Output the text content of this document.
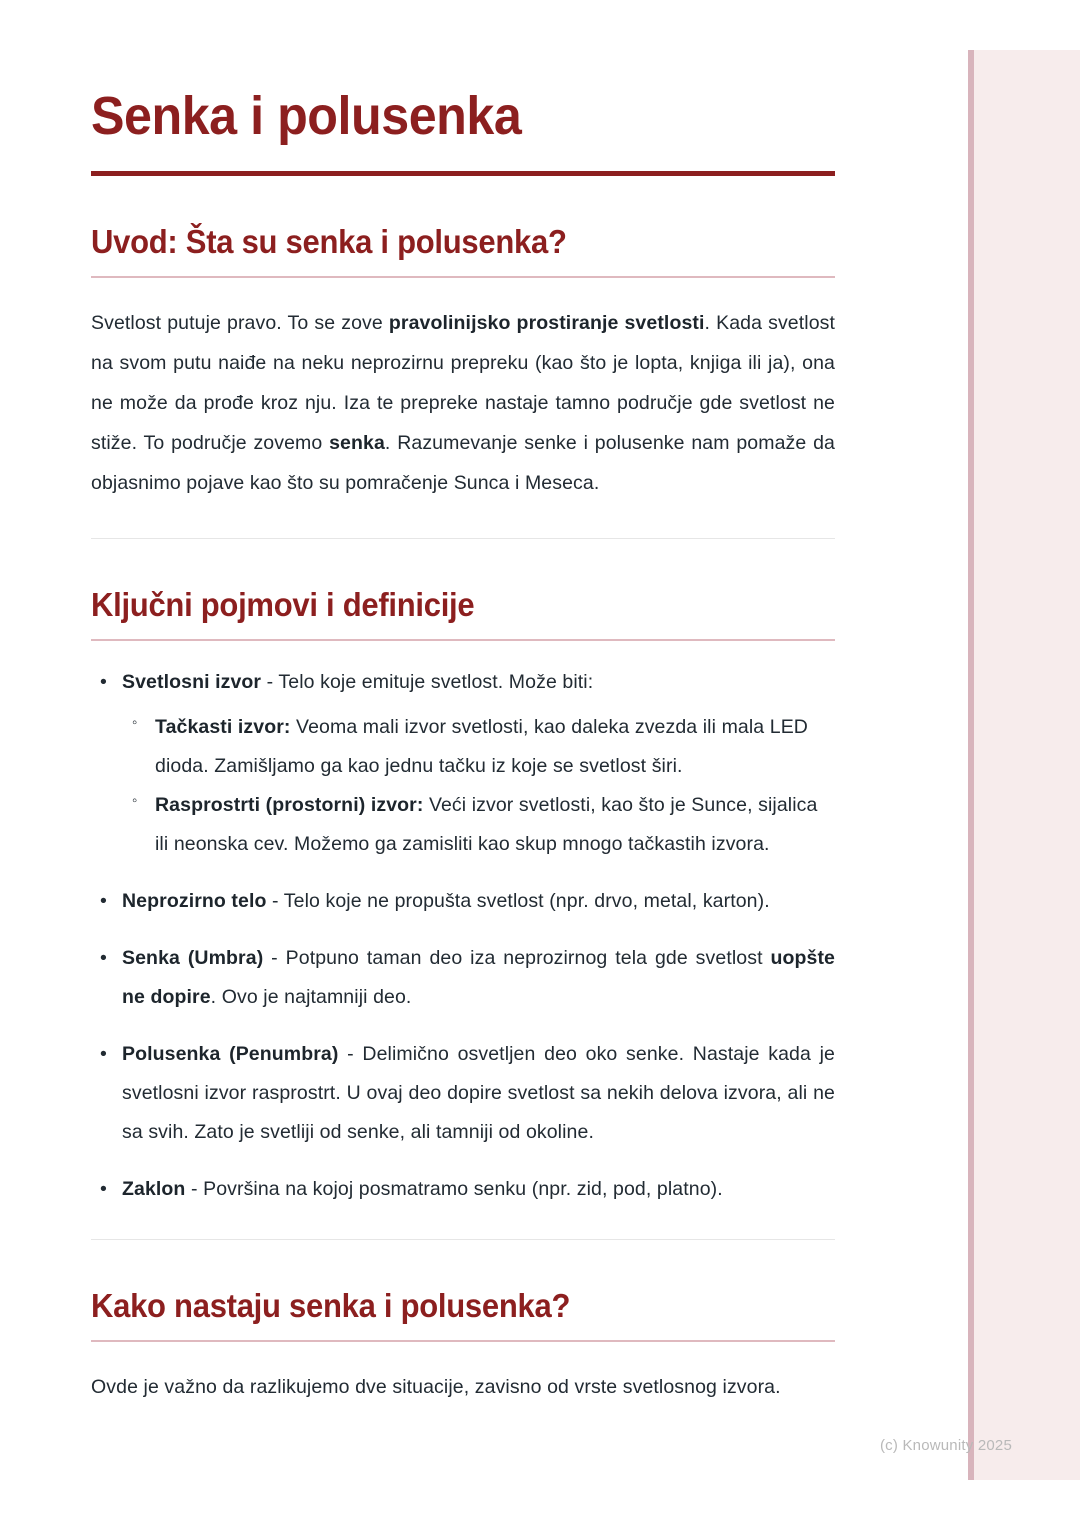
Senka i polusenka
Uvod: Šta su senka i polusenka?

Svetlost putuje pravo. To se zove pravolinijsko prostiranje svetlosti. Kada svetlost na svom putu naiđe na neku neprozirnu prepreku (kao što je lopta, knjiga ili ja), ona ne može da prođe kroz nju. Iza te prepreke nastaje tamno područje gde svetlost ne stiže. To područje zovemo senka. Razumevanje senke i polusenke nam pomaže da objasnimo pojave kao što su pomračenje Sunca i Meseca.

Ključni pojmovi i definicije
• Svetlosni izvor - Telo koje emituje svetlost. Može biti:
◦ Tačkasti izvor: Veoma mali izvor svetlosti, kao daleka zvezda ili mala LED dioda. Zamišljamo ga kao jednu tačku iz koje se svetlost širi.
◦ Rasprostrti (prostorni) izvor: Veći izvor svetlosti, kao što je Sunce, sijalica ili neonska cev. Možemo ga zamisliti kao skup mnogo tačkastih izvora.
• Neprozirno telo - Telo koje ne propušta svetlost (npr. drvo, metal, karton).
• Senka (Umbra) - Potpuno taman deo iza neprozirnog tela gde svetlost uopšte ne dopire. Ovo je najtamniji deo.
• Polusenka (Penumbra) - Delimično osvetljen deo oko senke. Nastaje kada je svetlosni izvor rasprostrt. U ovaj deo dopire svetlost sa nekih delova izvora, ali ne sa svih. Zato je svetliji od senke, ali tamniji od okoline.
• Zaklon - Površina na kojoj posmatramo senku (npr. zid, pod, platno).
Kako nastaju senka i polusenka?

Ovde je važno da razlikujemo dve situacije, zavisno od vrste svetlosnog izvora.

(c) Knowunity 2025
